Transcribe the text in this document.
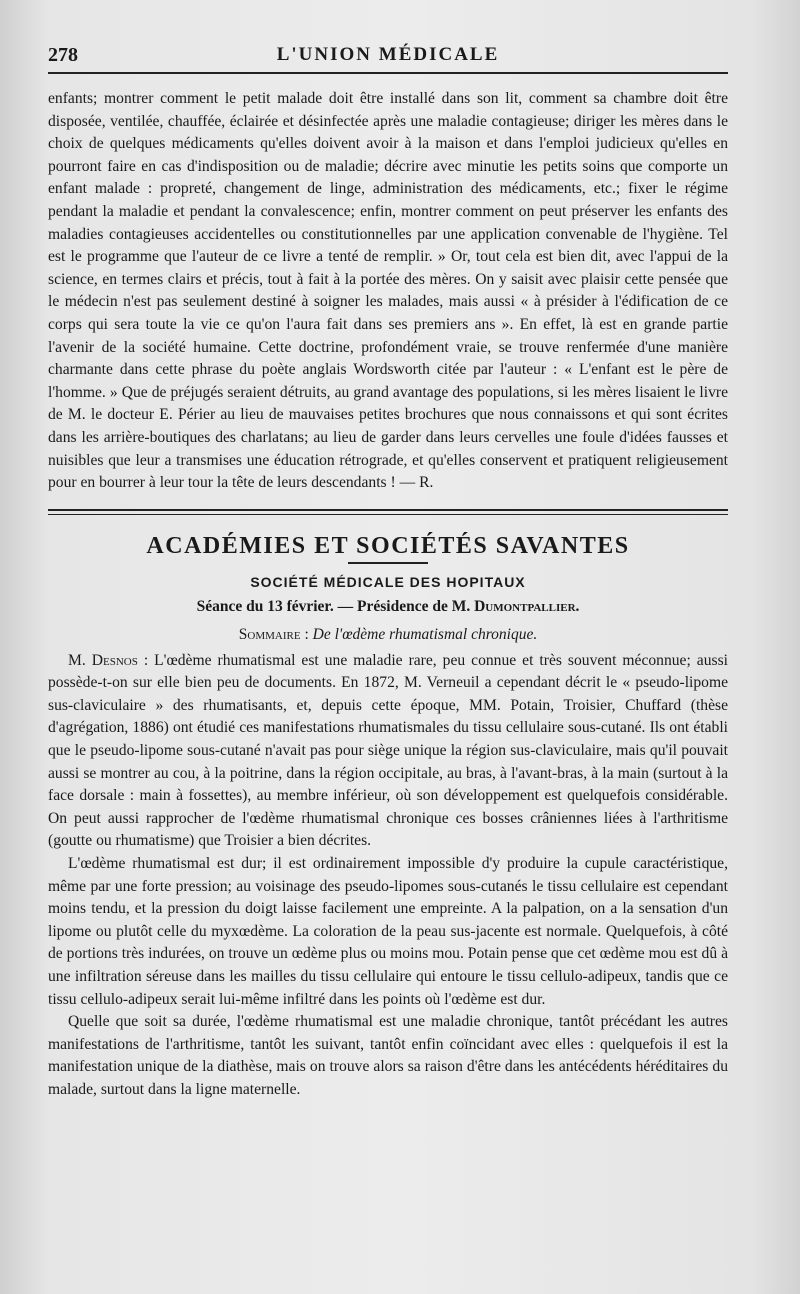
278	L'UNION MÉDICALE

enfants; montrer comment le petit malade doit être installé dans son lit, comment sa chambre doit être disposée, ventilée, chauffée, éclairée et désinfectée après une maladie contagieuse; diriger les mères dans le choix de quelques médicaments qu'elles doivent avoir à la maison et dans l'emploi judicieux qu'elles en pourront faire en cas d'indisposition ou de maladie; décrire avec minutie les petits soins que comporte un enfant malade : propreté, changement de linge, administration des médicaments, etc.; fixer le régime pendant la maladie et pendant la convalescence; enfin, montrer comment on peut préserver les enfants des maladies contagieuses accidentelles ou constitutionnelles par une application convenable de l'hygiène. Tel est le programme que l'auteur de ce livre a tenté de remplir. » Or, tout cela est bien dit, avec l'appui de la science, en termes clairs et précis, tout à fait à la portée des mères. On y saisit avec plaisir cette pensée que le médecin n'est pas seulement destiné à soigner les malades, mais aussi « à présider à l'édification de ce corps qui sera toute la vie ce qu'on l'aura fait dans ses premiers ans ». En effet, là est en grande partie l'avenir de la société humaine. Cette doctrine, profondément vraie, se trouve renfermée d'une manière charmante dans cette phrase du poète anglais Wordsworth citée par l'auteur : « L'enfant est le père de l'homme. » Que de préjugés seraient détruits, au grand avantage des populations, si les mères lisaient le livre de M. le docteur E. Périer au lieu de mauvaises petites brochures que nous connaissons et qui sont écrites dans les arrière-boutiques des charlatans; au lieu de garder dans leurs cervelles une foule d'idées fausses et nuisibles que leur a transmises une éducation rétrograde, et qu'elles conservent et pratiquent religieusement pour en bourrer à leur tour la tête de leurs descendants ! — R.

ACADÉMIES ET SOCIÉTÉS SAVANTES
SOCIÉTÉ MÉDICALE DES HOPITAUX
Séance du 13 février. — Présidence de M. Dumontpallier.
Sommaire : De l'œdème rhumatismal chronique.

M. Desnos : L'œdème rhumatismal est une maladie rare, peu connue et très souvent méconnue; aussi possède-t-on sur elle bien peu de documents. En 1872, M. Verneuil a cependant décrit le « pseudo-lipome sus-claviculaire » des rhumatisants, et, depuis cette époque, MM. Potain, Troisier, Chuffard (thèse d'agrégation, 1886) ont étudié ces manifestations rhumatismales du tissu cellulaire sous-cutané. Ils ont établi que le pseudo-lipome sous-cutané n'avait pas pour siège unique la région sus-claviculaire, mais qu'il pouvait aussi se montrer au cou, à la poitrine, dans la région occipitale, au bras, à l'avant-bras, à la main (surtout à la face dorsale : main à fossettes), au membre inférieur, où son développement est quelquefois considérable. On peut aussi rapprocher de l'œdème rhumatismal chronique ces bosses crâniennes liées à l'arthritisme (goutte ou rhumatisme) que Troisier a bien décrites.

L'œdème rhumatismal est dur; il est ordinairement impossible d'y produire la cupule caractéristique, même par une forte pression; au voisinage des pseudo-lipomes sous-cutanés le tissu cellulaire est cependant moins tendu, et la pression du doigt laisse facilement une empreinte. A la palpation, on a la sensation d'un lipome ou plutôt celle du myxœdème. La coloration de la peau sus-jacente est normale. Quelquefois, à côté de portions très indurées, on trouve un œdème plus ou moins mou. Potain pense que cet œdème mou est dû à une infiltration séreuse dans les mailles du tissu cellulaire qui entoure le tissu cellulo-adipeux, tandis que ce tissu cellulo-adipeux serait lui-même infiltré dans les points où l'œdème est dur.

Quelle que soit sa durée, l'œdème rhumatismal est une maladie chronique, tantôt précédant les autres manifestations de l'arthritisme, tantôt les suivant, tantôt enfin coïncidant avec elles : quelquefois il est la manifestation unique de la diathèse, mais on trouve alors sa raison d'être dans les antécédents héréditaires du malade, surtout dans la ligne maternelle.
